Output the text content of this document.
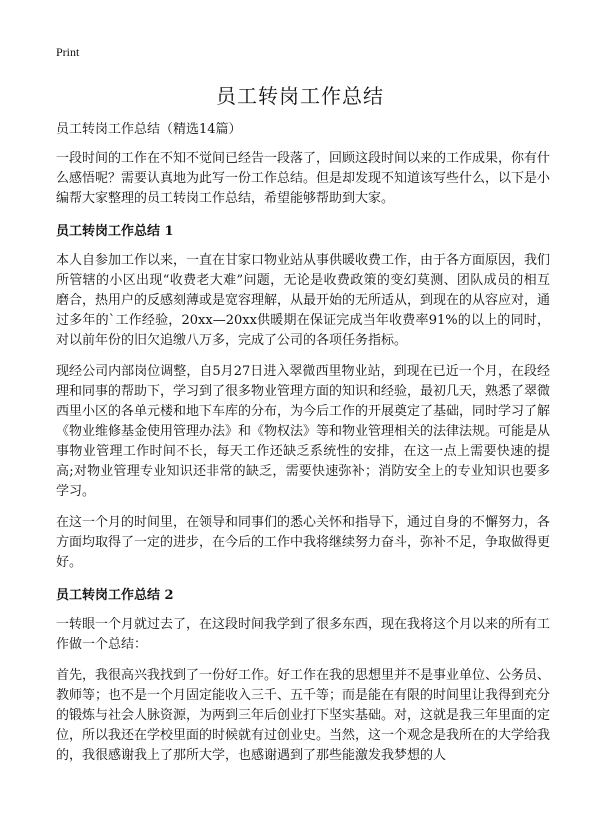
Print
员工转岗工作总结
员工转岗工作总结（精选14篇）

一段时间的工作在不知不觉间已经告一段落了，回顾这段时间以来的工作成果，你有什么感悟呢？需要认真地为此写一份工作总结。但是却发现不知道该写些什么，以下是小编帮大家整理的员工转岗工作总结，希望能够帮助到大家。

员工转岗工作总结 1

本人自参加工作以来，一直在甘家口物业站从事供暖收费工作，由于各方面原因，我们所管辖的小区出现“收费老大难”问题，无论是收费政策的变幻莫测、团队成员的相互磨合，热用户的反感刻薄或是宽容理解，从最开始的无所适从，到现在的从容应对，通过多年的`工作经验，20xx—20xx供暖期在保证完成当年收费率91%的以上的同时，对以前年份的旧欠追缴八万多，完成了公司的各项任务指标。

现经公司内部岗位调整，自5月27日进入翠微西里物业站，到现在已近一个月，在段经理和同事的帮助下，学习到了很多物业管理方面的知识和经验，最初几天，熟悉了翠微西里小区的各单元楼和地下车库的分布，为今后工作的开展奠定了基础，同时学习了解《物业维修基金使用管理办法》和《物权法》等和物业管理相关的法律法规。可能是从事物业管理工作时间不长，每天工作还缺乏系统性的安排，在这一点上需要快速的提高;对物业管理专业知识还非常的缺乏，需要快速弥补；消防安全上的专业知识也要多学习。

在这一个月的时间里，在领导和同事们的悉心关怀和指导下，通过自身的不懈努力，各方面均取得了一定的进步，在今后的工作中我将继续努力奋斗，弥补不足，争取做得更好。

员工转岗工作总结 2

一转眼一个月就过去了，在这段时间我学到了很多东西，现在我将这个月以来的所有工作做一个总结：

首先，我很高兴我找到了一份好工作。好工作在我的思想里并不是事业单位、公务员、教师等；也不是一个月固定能收入三千、五千等；而是能在有限的时间里让我得到充分的锻炼与社会人脉资源，为两到三年后创业打下坚实基础。对，这就是我三年里面的定位，所以我还在学校里面的时候就有过创业史。当然，这一个观念是我所在的大学给我的，我很感谢我上了那所大学，也感谢遇到了那些能激发我梦想的人
